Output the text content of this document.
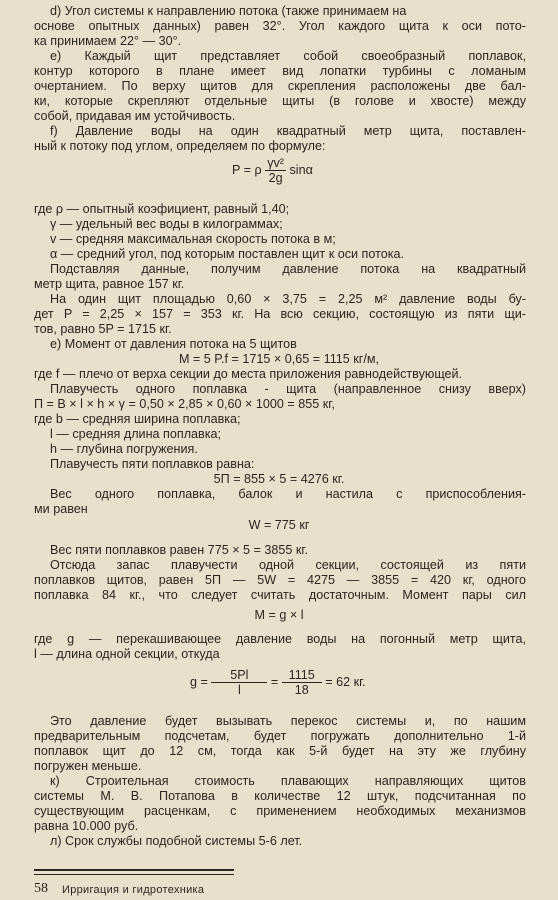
d) Угол системы к направлению потока (также принимаем на
основе опытных данных) равен 32°. Угол каждого щита к оси пото-
ка принимаем 22° — 30°.
e) Каждый щит представляет собой своеобразный поплавок,
контур которого в плане имеет вид лопатки турбины с ломаным
очертанием. По верху щитов для скрепления расположены две бал-
ки, которые скрепляют отдельные щиты (в голове и хвосте) между
собой, придавая им устойчивость.
f) Давление воды на один квадратный метр щита, поставлен-
ный к потоку под углом, определяем по формуле:
P = ρ $\frac{\text{γv²}}{2g}$ sinα
где ρ — опытный коэфициент, равный 1,40;
γ — удельный вес воды в килограммах;
v — средняя максимальная скорость потока в м;
α — средний угол, под которым поставлен щит к оси потока.
Подставляя данные, получим давление потока на квадратный
метр щита, равное 157 кг.
На один щит площадью 0,60 × 3,75 = 2,25 м² давление воды бу-
дет P = 2,25 × 157 = 353 кг. На всю секцию, состоящую из пяти щи-
тов, равно 5P = 1715 кг.
e) Момент от давления потока на 5 щитов
M = 5 P.f = 1715 × 0,65 = 1115 кг/м,
где f — плечо от верха секции до места приложения равнодействующей.
Плавучесть одного поплавка - щита (направленное снизу вверх)
П = B × l × h × γ = 0,50 × 2,85 × 0,60 × 1000 = 855 кг,
где b — средняя ширина поплавка;
l — средняя длина поплавка;
h — глубина погружения.
Плавучесть пяти поплавков равна:
5П = 855 × 5 = 4276 кг.
Вес одного поплавка, балок и настила с приспособления-
ми равен
W = 775 кг
Вес пяти поплавков равен 775 × 5 = 3855 кг.
Отсюда запас плавучести одной секции, состоящей из пяти
поплавков щитов, равен 5П — 5W = 4275 — 3855 = 420 кг, одного
поплавка 84 кг., что следует считать достаточным. Момент пары сил
M = g × l
где g — перекашивающее давление воды на погонный метр щита,
l — длина одной секции, откуда
$g = \frac{5Pl}{l} = \frac{1115}{18} = 62$ кг.
Это давление будет вызывать перекос системы и, по нашим
предварительным подсчетам, будет погружать дополнительно 1-й
поплавок щит до 12 см, тогда как 5-й будет на эту же глубину
погружен меньше.
к) Строительная стоимость плавающих направляющих щитов
системы М. В. Потапова в количестве 12 штук, подсчитанная по
существующим расценкам, с применением необходимых механизмов
равна 10.000 руб.
л) Срок службы подобной системы 5-6 лет.
58 Ирригация и гидротехника
